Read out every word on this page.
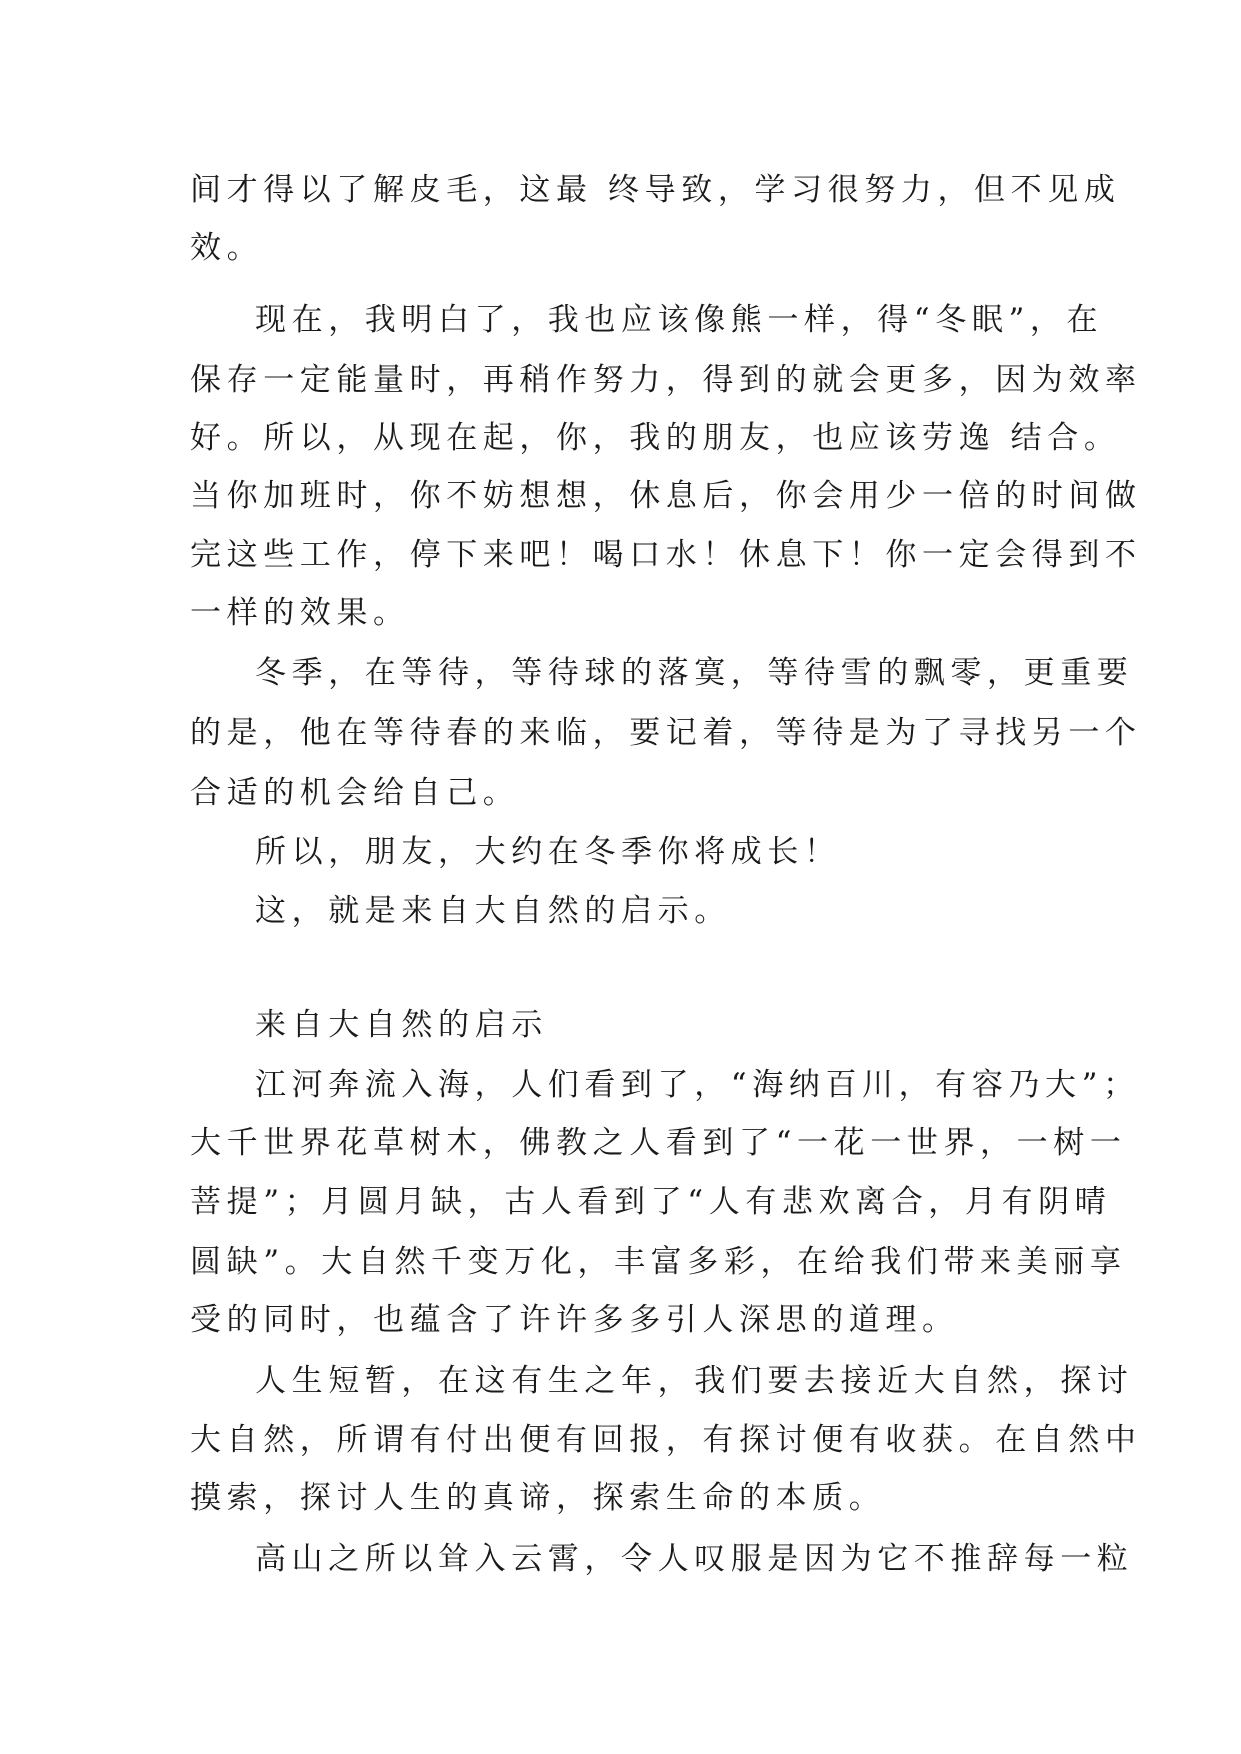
间才得以了解皮毛，这最 终导致，学习很努力，但不见成
效。
现在，我明白了，我也应该像熊一样，得“冬眠”，在
保存一定能量时，再稍作努力，得到的就会更多，因为效率
好。所以，从现在起，你，我的朋友，也应该劳逸 结合。
当你加班时，你不妨想想，休息后，你会用少一倍的时间做
完这些工作，停下来吧！喝口水！休息下！你一定会得到不
一样的效果。
冬季，在等待，等待球的落寞，等待雪的飘零，更重要
的是，他在等待春的来临，要记着，等待是为了寻找另一个
合适的机会给自己。
所以，朋友，大约在冬季你将成长！
这，就是来自大自然的启示。
来自大自然的启示
江河奔流入海，人们看到了，“海纳百川，有容乃大”；
大千世界花草树木，佛教之人看到了“一花一世界，一树一
菩提”；月圆月缺，古人看到了“人有悲欢离合，月有阴晴
圆缺”。大自然千变万化，丰富多彩，在给我们带来美丽享
受的同时，也蕴含了许许多多引人深思的道理。
人生短暂，在这有生之年，我们要去接近大自然，探讨
大自然，所谓有付出便有回报，有探讨便有收获。在自然中
摸索，探讨人生的真谛，探索生命的本质。
高山之所以耸入云霄，令人叹服是因为它不推辞每一粒
